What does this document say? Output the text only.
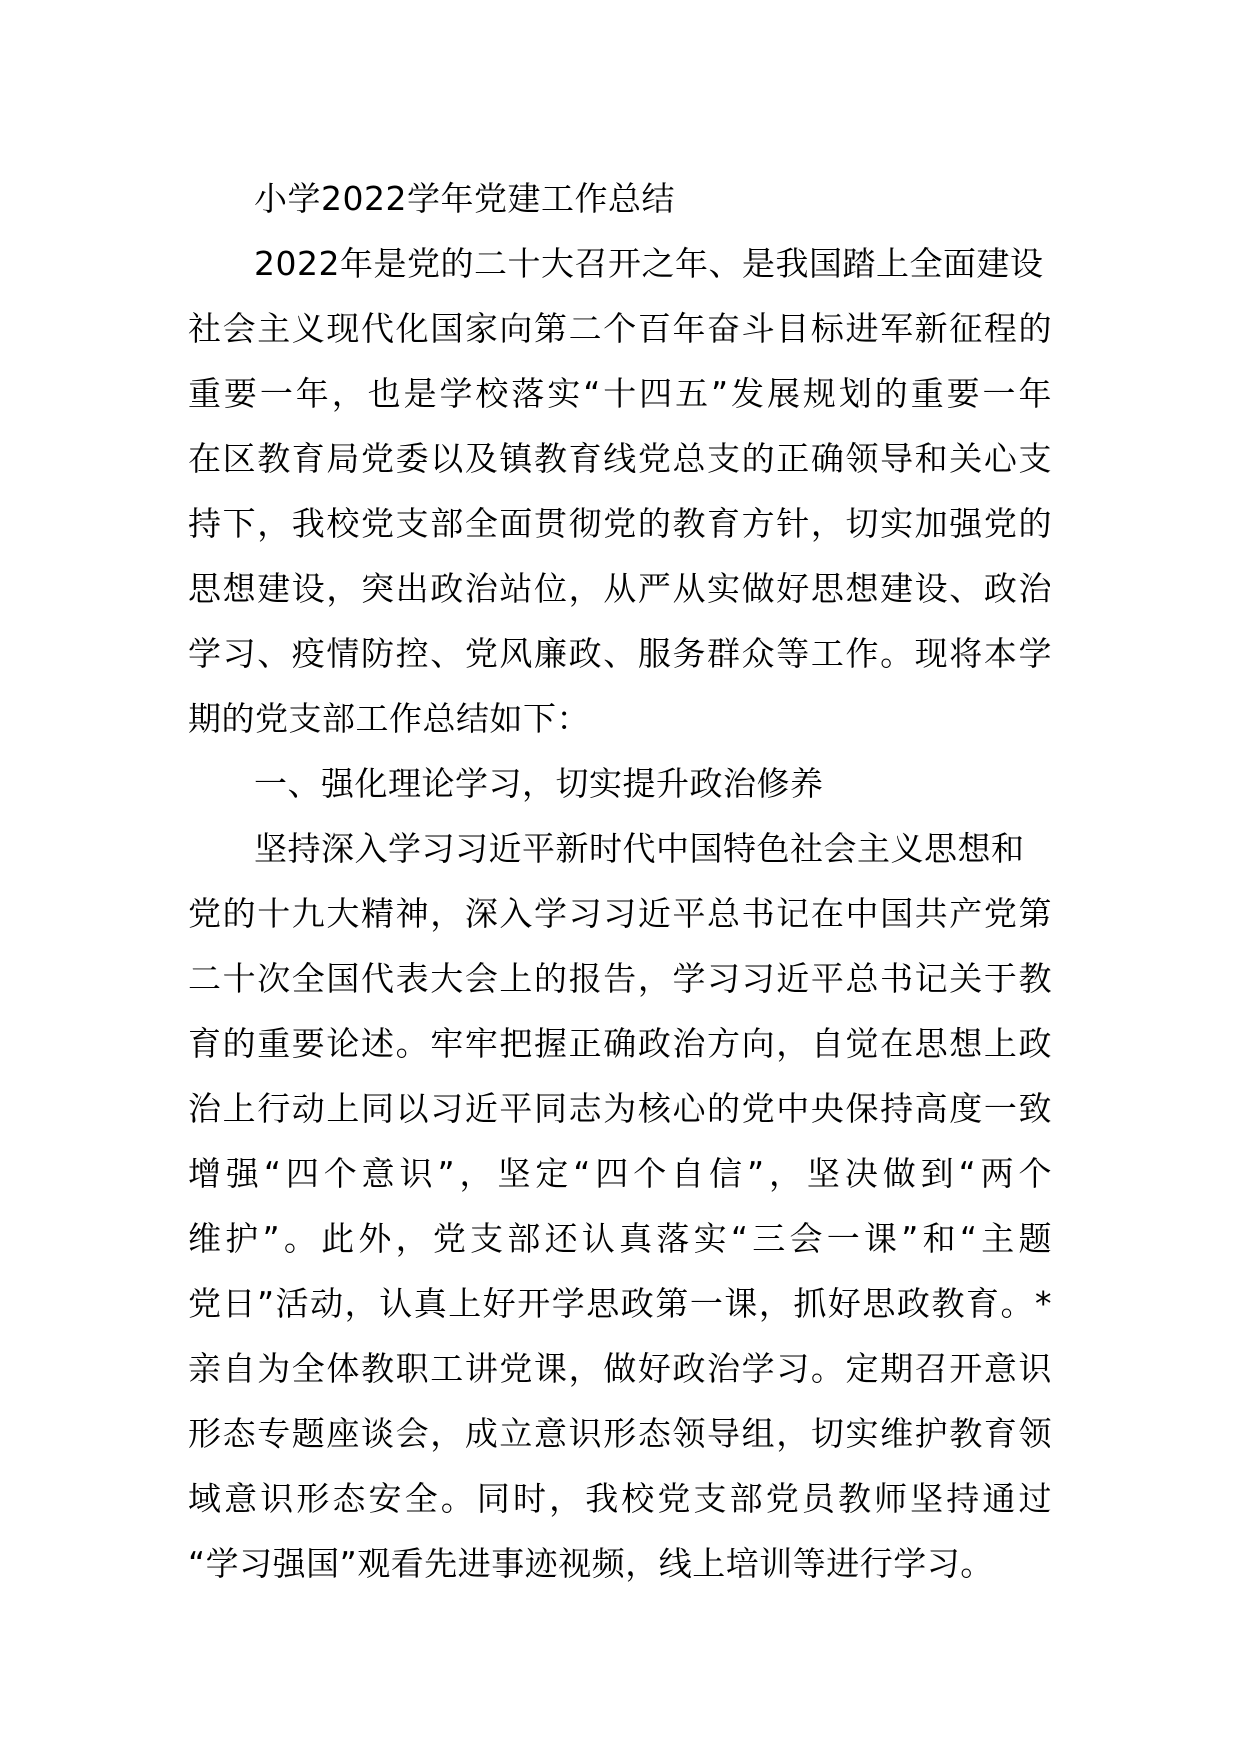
小学2022学年党建工作总结
2022年是党的二十大召开之年、是我国踏上全面建设
社会主义现代化国家向第二个百年奋斗目标进军新征程的
重要一年，也是学校落实“十四五”发展规划的重要一年
在区教育局党委以及镇教育线党总支的正确领导和关心支
持下，我校党支部全面贯彻党的教育方针，切实加强党的
思想建设，突出政治站位，从严从实做好思想建设、政治
学习、疫情防控、党风廉政、服务群众等工作。现将本学
期的党支部工作总结如下：
一、强化理论学习，切实提升政治修养
坚持深入学习习近平新时代中国特色社会主义思想和
党的十九大精神，深入学习习近平总书记在中国共产党第
二十次全国代表大会上的报告，学习习近平总书记关于教
育的重要论述。牢牢把握正确政治方向，自觉在思想上政
治上行动上同以习近平同志为核心的党中央保持高度一致
增强“四个意识”，坚定“四个自信”，坚决做到“两个
维护”。此外，党支部还认真落实“三会一课”和“主题
党日”活动，认真上好开学思政第一课，抓好思政教育。*
亲自为全体教职工讲党课，做好政治学习。定期召开意识
形态专题座谈会，成立意识形态领导组，切实维护教育领
域意识形态安全。同时，我校党支部党员教师坚持通过
“学习强国”观看先进事迹视频，线上培训等进行学习。
